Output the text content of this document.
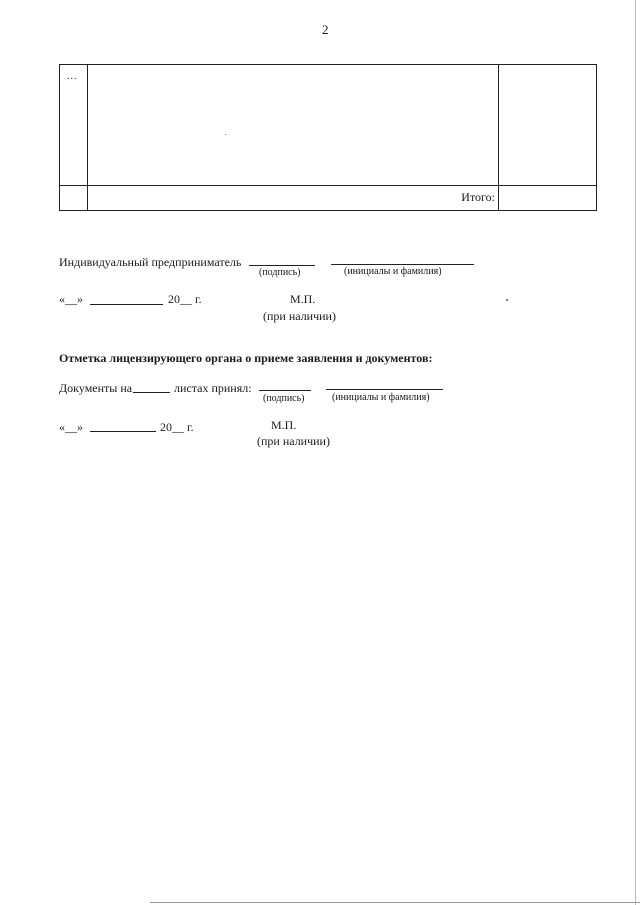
2
...
Итого:
Индивидуальный предприниматель
(подпись)	(инициалы и фамилия)
«__»	20__ г.	М.П.
(при наличии)
Отметка лицензирующего органа о приеме заявления и документов:
Документы на	листах принял:
(подпись)	(инициалы и фамилия)
«__»	20__ г.	М.П.
(при наличии)
